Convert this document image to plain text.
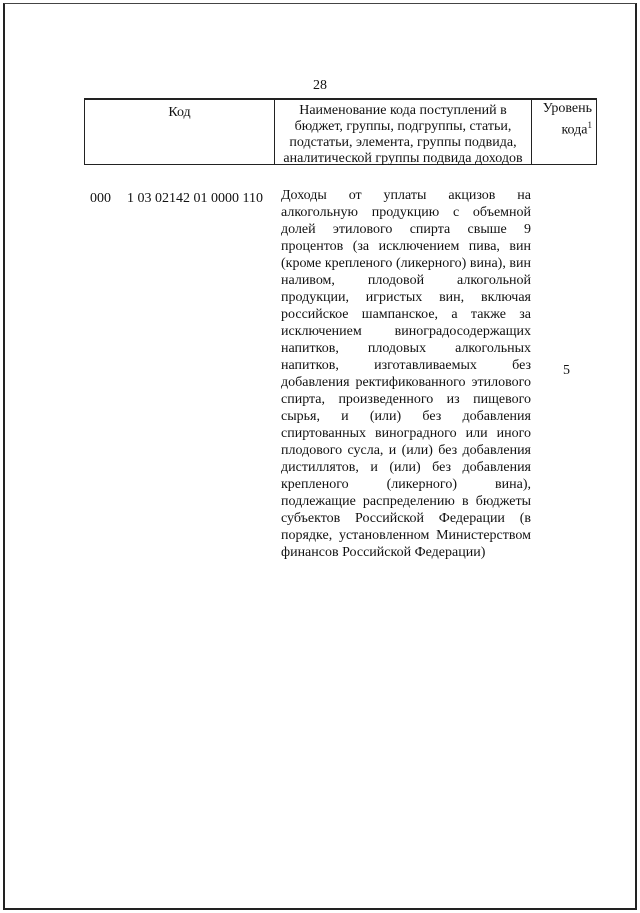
28
Код	Наименование кода поступлений в бюджет, группы, подгруппы, статьи, подстатьи, элемента, группы подвида, аналитической группы подвида доходов
Уровень кода$^1$
000 1 03 02142 01 0000 110 Доходы от уплаты акцизов на алкогольную продукцию с объемной долей этилового спирта свыше 9 процентов (за исключением пива, вин (кроме крепленого (ликерного) вина), вин наливом, плодовой алкогольной продукции, игристых вин, включая российское шампанское, а также за исключением виноградосодержащих напитков, плодовых алкогольных напитков, изготавливаемых без добавления ректификованного этилового спирта, произведенного из пищевого сырья, и (или) без добавления спиртованных виноградного или иного плодового сусла, и (или) без добавления дистиллятов, и (или) без добавления крепленого (ликерного) вина), подлежащие распределению в бюджеты субъектов Российской Федерации (в порядке, установленном Министерством финансов Российской Федерации)
5
